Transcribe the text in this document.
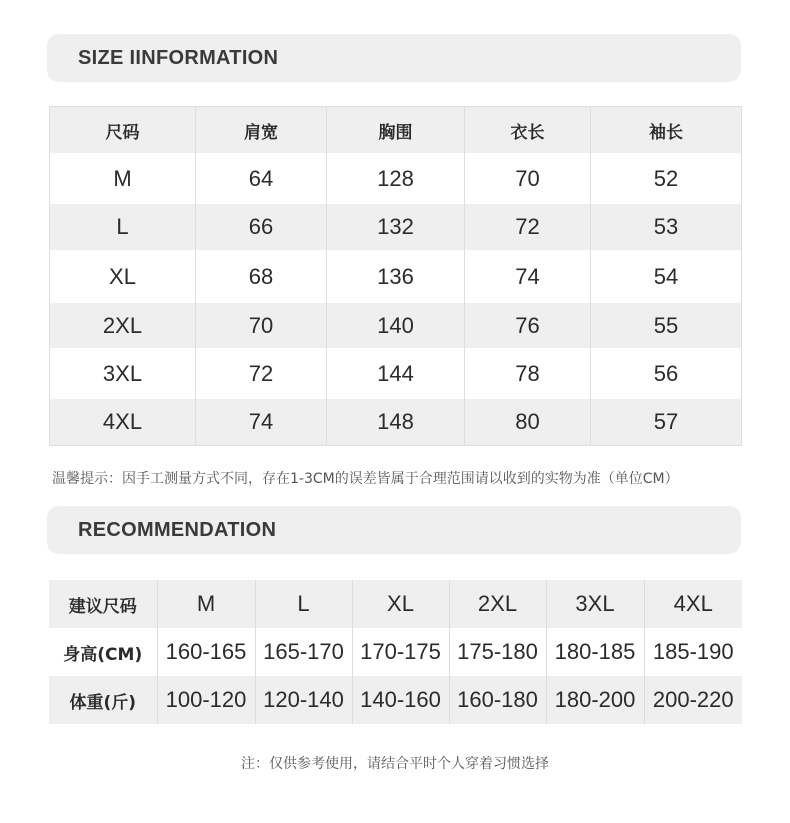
SIZE IINFORMATION
尺码	肩宽	胸围	衣长	袖长
M	64	128	70	52
L	66	132	72	53
XL	68	136	74	54
2XL	70	140	76	55
3XL	72	144	78	56
4XL	74	148	80	57
温馨提示：因手工测量方式不同，存在1-3CM的误差皆属于合理范围请以收到的实物为准（单位CM）
RECOMMENDATION
建议尺码	M	L	XL	2XL	3XL	4XL
身高(CM)	160-165	165-170	170-175	175-180	180-185	185-190
体重(斤)	100-120	120-140	140-160	160-180	180-200	200-220
注：仅供参考使用，请结合平时个人穿着习惯选择
